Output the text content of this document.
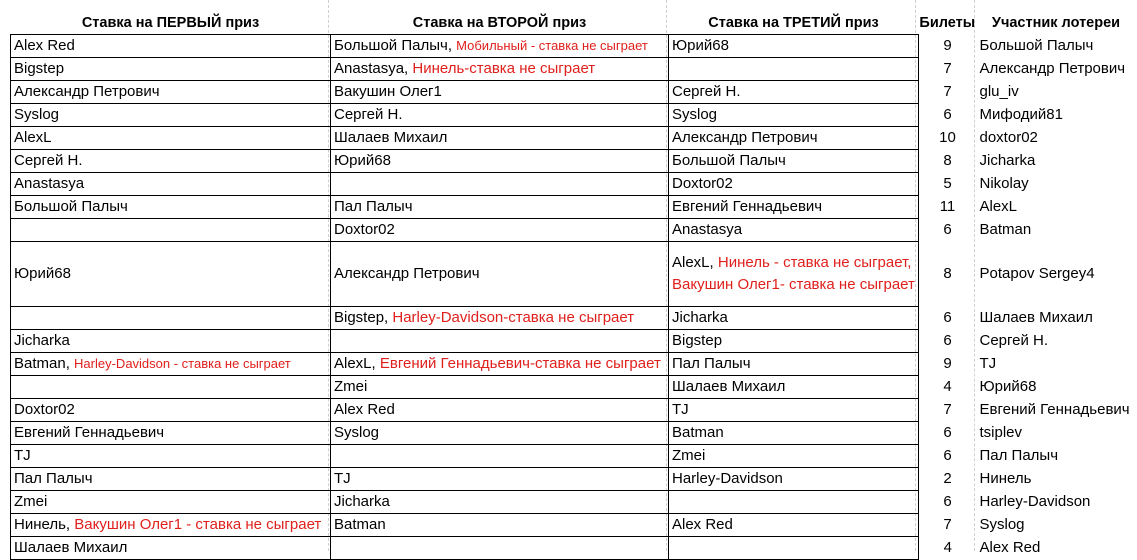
Ставка на ПЕРВЫЙ приз	Ставка на ВТОРОЙ приз	Ставка на ТРЕТИЙ приз	Билеты	Участник лотереи
Alex Red	Большой Палыч, Мобильный - ставка не сыграет	Юрий68	9	Большой Палыч
Bigstep	Anastasya, Нинель-ставка не сыграет		7	Александр Петрович
Александр Петрович	Вакушин Олег1	Сергей Н.	7	glu_iv
Syslog	Сергей Н.	Syslog	6	Мифодий81
AlexL	Шалаев Михаил	Александр Петрович	10	doxtor02
Сергей Н.	Юрий68	Большой Палыч	8	Jicharka
Anastasya		Doxtor02	5	Nikolay
Большой Палыч	Пал Палыч	Евгений Геннадьевич	11	AlexL
	Doxtor02	Anastasya	6	Batman
Юрий68	Александр Петрович	AlexL, Нинель - ставка не сыграет, Вакушин Олег1- ставка не сыграет	8	Potapov Sergey4
	Bigstep, Harley-Davidson-ставка не сыграет	Jicharka	6	Шалаев Михаил
Jicharka		Bigstep	6	Сергей Н.
Batman, Harley-Davidson - ставка не сыграет	AlexL, Евгений Геннадьевич-ставка не сыграет	Пал Палыч	9	TJ
	Zmei	Шалаев Михаил	4	Юрий68
Doxtor02	Alex Red	TJ	7	Евгений Геннадьевич
Евгений Геннадьевич	Syslog	Batman	6	tsiplev
TJ		Zmei	6	Пал Палыч
Пал Палыч	TJ	Harley-Davidson	2	Нинель
Zmei	Jicharka		6	Harley-Davidson
Нинель, Вакушин Олег1 - ставка не сыграет	Batman	Alex Red	7	Syslog
Шалаев Михаил			4	Alex Red
